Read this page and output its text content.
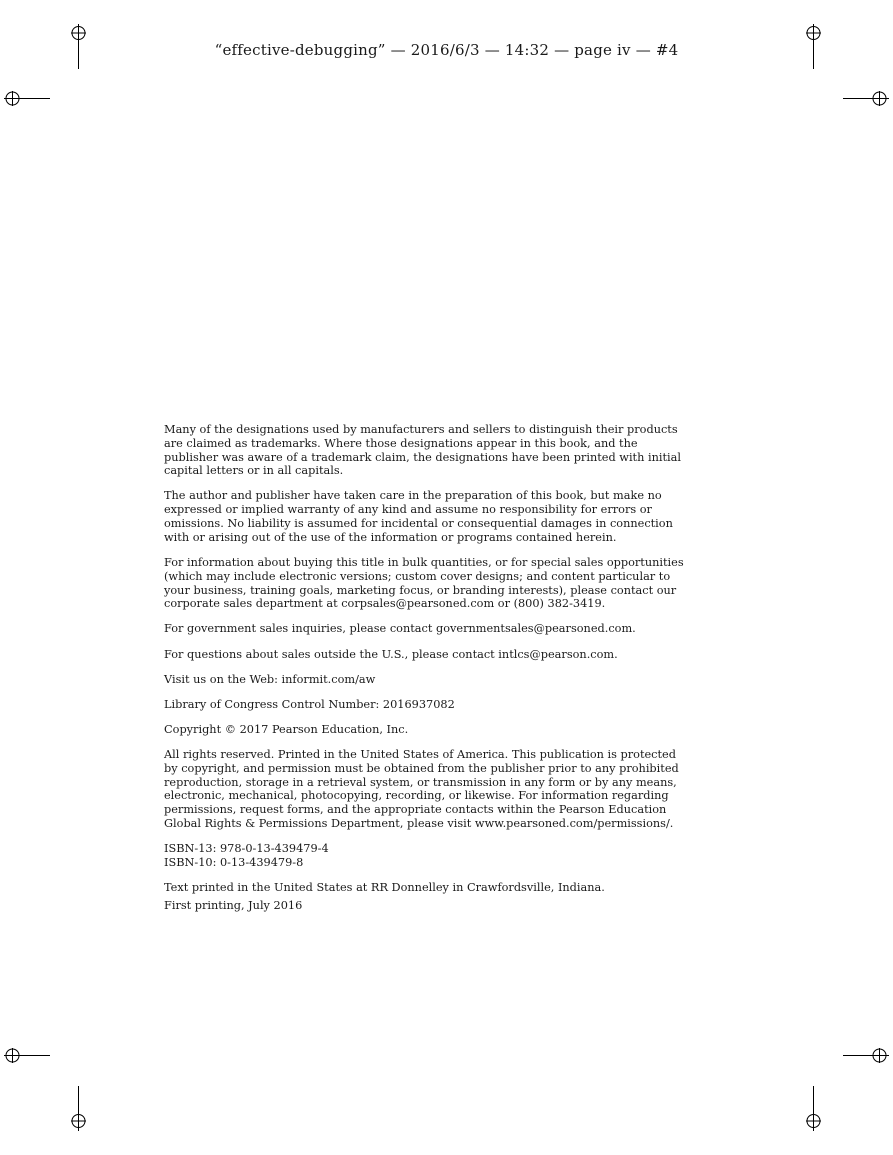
“effective-debugging” — 2016/6/3 — 14:32 — page iv — #4

Many of the designations used by manufacturers and sellers to distinguish their products are claimed as trademarks. Where those designations appear in this book, and the publisher was aware of a trademark claim, the designations have been printed with initial capital letters or in all capitals.

The author and publisher have taken care in the preparation of this book, but make no expressed or implied warranty of any kind and assume no responsibility for errors or omissions. No liability is assumed for incidental or consequential damages in connection with or arising out of the use of the information or programs contained herein.

For information about buying this title in bulk quantities, or for special sales opportunities (which may include electronic versions; custom cover designs; and content particular to your business, training goals, marketing focus, or branding interests), please contact our corporate sales department at corpsales@pearsoned.com or (800) 382-3419.

For government sales inquiries, please contact governmentsales@pearsoned.com.

For questions about sales outside the U.S., please contact intlcs@pearson.com.

Visit us on the Web: informit.com/aw

Library of Congress Control Number: 2016937082

Copyright © 2017 Pearson Education, Inc.

All rights reserved. Printed in the United States of America. This publication is protected by copyright, and permission must be obtained from the publisher prior to any prohibited reproduction, storage in a retrieval system, or transmission in any form or by any means, electronic, mechanical, photocopying, recording, or likewise. For information regarding permissions, request forms, and the appropriate contacts within the Pearson Education Global Rights & Permissions Department, please visit www.pearsoned.com/permissions/.

ISBN-13: 978-0-13-439479-4
ISBN-10: 0-13-439479-8

Text printed in the United States at RR Donnelley in Crawfordsville, Indiana.

First printing, July 2016
